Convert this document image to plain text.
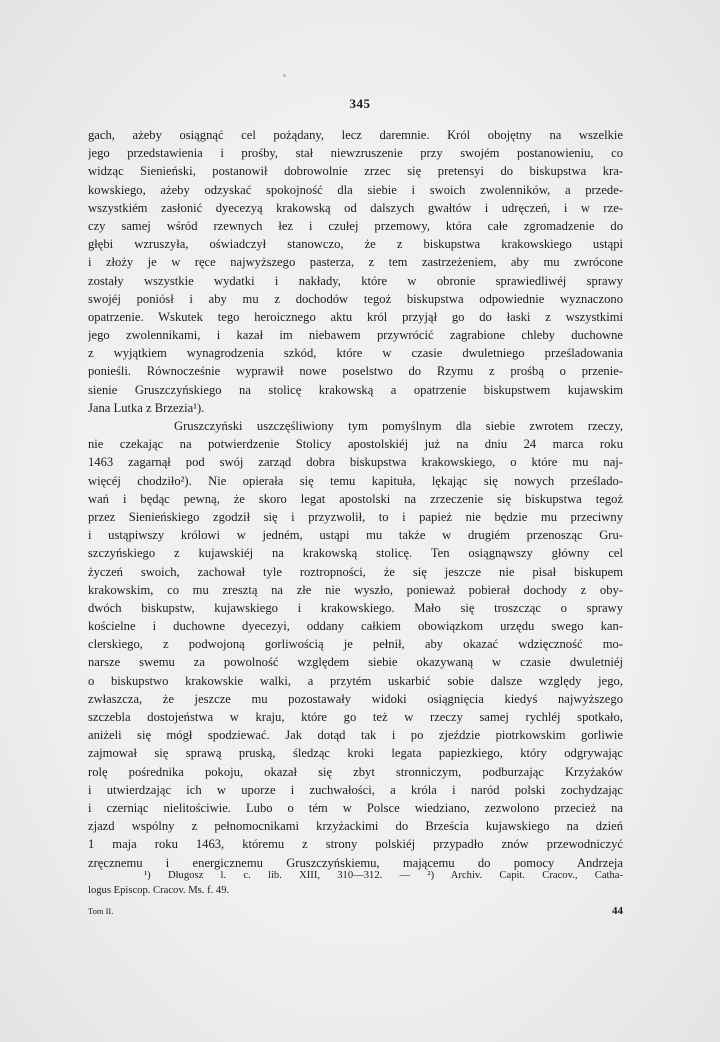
345
gach, ażeby osiągnąć cel pożądany, lecz daremnie. Król obojętny na wszelkie
jego przedstawienia i prośby, stał niewzruszenie przy swojém postanowieniu, co
widząc Sienieński, postanowił dobrowolnie zrzec się pretensyi do biskupstwa kra-
kowskiego, ażeby odzyskać spokojność dla siebie i swoich zwolenników, a przede-
wszystkiém zasłonić dyecezyą krakowską od dalszych gwałtów i udręczeń, i w rze-
czy samej wśród rzewnych łez i czułej przemowy, która całe zgromadzenie do
głębi wzruszyła, oświadczył stanowczo, że z biskupstwa krakowskiego ustąpi
i złoży je w ręce najwyższego pasterza, z tem zastrzeżeniem, aby mu zwrócone
zostały wszystkie wydatki i nakłady, które w obronie sprawiedliwéj sprawy
swojéj poniósł i aby mu z dochodów tegoż biskupstwa odpowiednie wyznaczono
opatrzenie. Wskutek tego heroicznego aktu król przyjął go do łaski z wszystkimi
jego zwolennikami, i kazał im niebawem przywrócić zagrabione chleby duchowne
z wyjątkiem wynagrodzenia szkód, które w czasie dwuletniego prześladowania
ponieśli. Równocześnie wyprawił nowe poselstwo do Rzymu z prośbą o przenie-
sienie Gruszczyńskiego na stolicę krakowską a opatrzenie biskupstwem kujawskim
Jana Lutka z Brzezia¹).
Gruszczyński uszczęśliwiony tym pomyślnym dla siebie zwrotem rzeczy,
nie czekając na potwierdzenie Stolicy apostolskiéj już na dniu 24 marca roku
1463 zagarnął pod swój zarząd dobra biskupstwa krakowskiego, o które mu naj-
więcéj chodziło²). Nie opierała się temu kapituła, lękając się nowych prześlado-
wań i będąc pewną, że skoro legat apostolski na zrzeczenie się biskupstwa tegoż
przez Sienieńskiego zgodził się i przyzwolił, to i papież nie będzie mu przeciwny
i ustąpiwszy królowi w jedném, ustąpi mu także w drugiém przenosząc Gru-
szczyńskiego z kujawskiéj na krakowską stolicę. Ten osiągnąwszy główny cel
życzeń swoich, zachował tyle roztropności, że się jeszcze nie pisał biskupem
krakowskim, co mu zresztą na złe nie wyszło, ponieważ pobierał dochody z oby-
dwóch biskupstw, kujawskiego i krakowskiego. Mało się troszcząc o sprawy
kościelne i duchowne dyecezyi, oddany całkiem obowiązkom urzędu swego kan-
clerskiego, z podwojoną gorliwością je pełnił, aby okazać wdzięczność mo-
narsze swemu za powolność względem siebie okazywaną w czasie dwuletniéj
o biskupstwo krakowskie walki, a przytém uskarbić sobie dalsze względy jego,
zwłaszcza, że jeszcze mu pozostawały widoki osiągnięcia kiedyś najwyższego
szczebla dostojeństwa w kraju, które go też w rzeczy samej rychléj spotkało,
aniżeli się mógł spodziewać. Jak dotąd tak i po zjeździe piotrkowskim gorliwie
zajmował się sprawą pruską, śledząc kroki legata papiezkiego, który odgrywając
rolę pośrednika pokoju, okazał się zbyt stronniczym, podburzając Krzyżaków
i utwierdzając ich w uporze i zuchwałości, a króla i naród polski zochydzając
i czerniąc nielitościwie. Lubo o tém w Polsce wiedziano, zezwolono przecież na
zjazd wspólny z pełnomocnikami krzyżackimi do Brześcia kujawskiego na dzień
1 maja roku 1463, któremu z strony polskiéj przypadło znów przewodniczyć
zręcznemu i energicznemu Gruszczyńskiemu, mającemu do pomocy Andrzeja
¹) Długosz l. c. lib. XIII, 310—312. — ²) Archiv. Capit. Cracov., Catha-
logus Episcop. Cracov. Ms. f. 49.
Tom II.	44
